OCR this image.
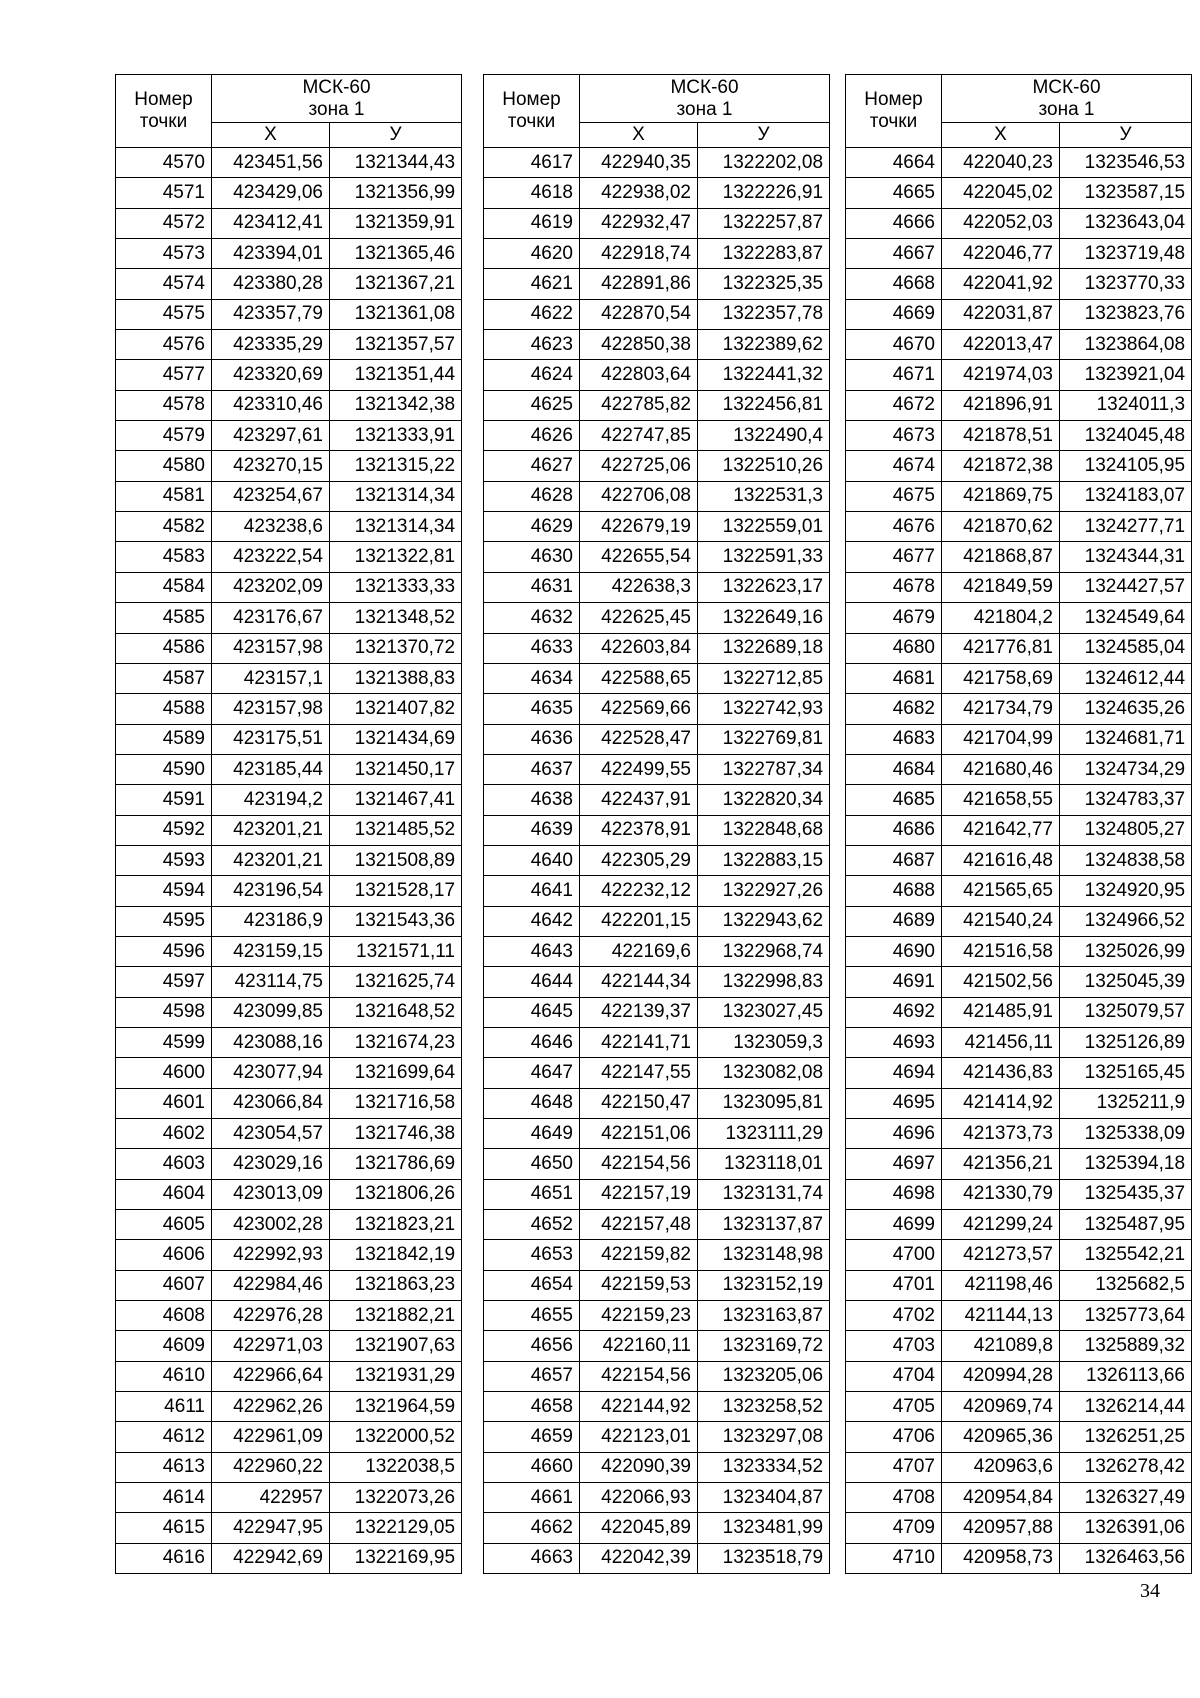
Номер
точки	МСК-60
зона 1	
	Х	У
4570	423451,56	1321344,43
4571	423429,06	1321356,99
4572	423412,41	1321359,91
4573	423394,01	1321365,46
4574	423380,28	1321367,21
4575	423357,79	1321361,08
4576	423335,29	1321357,57
4577	423320,69	1321351,44
4578	423310,46	1321342,38
4579	423297,61	1321333,91
4580	423270,15	1321315,22
4581	423254,67	1321314,34
4582	423238,6	1321314,34
4583	423222,54	1321322,81
4584	423202,09	1321333,33
4585	423176,67	1321348,52
4586	423157,98	1321370,72
4587	423157,1	1321388,83
4588	423157,98	1321407,82
4589	423175,51	1321434,69
4590	423185,44	1321450,17
4591	423194,2	1321467,41
4592	423201,21	1321485,52
4593	423201,21	1321508,89
4594	423196,54	1321528,17
4595	423186,9	1321543,36
4596	423159,15	1321571,11
4597	423114,75	1321625,74
4598	423099,85	1321648,52
4599	423088,16	1321674,23
4600	423077,94	1321699,64
4601	423066,84	1321716,58
4602	423054,57	1321746,38
4603	423029,16	1321786,69
4604	423013,09	1321806,26
4605	423002,28	1321823,21
4606	422992,93	1321842,19
4607	422984,46	1321863,23
4608	422976,28	1321882,21
4609	422971,03	1321907,63
4610	422966,64	1321931,29
4611	422962,26	1321964,59
4612	422961,09	1322000,52
4613	422960,22	1322038,5
4614	422957	1322073,26
4615	422947,95	1322129,05
4616	422942,69	1322169,95
Номер
точки	МСК-60
зона 1	
	Х	У
4617	422940,35	1322202,08
4618	422938,02	1322226,91
4619	422932,47	1322257,87
4620	422918,74	1322283,87
4621	422891,86	1322325,35
4622	422870,54	1322357,78
4623	422850,38	1322389,62
4624	422803,64	1322441,32
4625	422785,82	1322456,81
4626	422747,85	1322490,4
4627	422725,06	1322510,26
4628	422706,08	1322531,3
4629	422679,19	1322559,01
4630	422655,54	1322591,33
4631	422638,3	1322623,17
4632	422625,45	1322649,16
4633	422603,84	1322689,18
4634	422588,65	1322712,85
4635	422569,66	1322742,93
4636	422528,47	1322769,81
4637	422499,55	1322787,34
4638	422437,91	1322820,34
4639	422378,91	1322848,68
4640	422305,29	1322883,15
4641	422232,12	1322927,26
4642	422201,15	1322943,62
4643	422169,6	1322968,74
4644	422144,34	1322998,83
4645	422139,37	1323027,45
4646	422141,71	1323059,3
4647	422147,55	1323082,08
4648	422150,47	1323095,81
4649	422151,06	1323111,29
4650	422154,56	1323118,01
4651	422157,19	1323131,74
4652	422157,48	1323137,87
4653	422159,82	1323148,98
4654	422159,53	1323152,19
4655	422159,23	1323163,87
4656	422160,11	1323169,72
4657	422154,56	1323205,06
4658	422144,92	1323258,52
4659	422123,01	1323297,08
4660	422090,39	1323334,52
4661	422066,93	1323404,87
4662	422045,89	1323481,99
4663	422042,39	1323518,79
Номер
точки	МСК-60
зона 1	
	Х	У
4664	422040,23	1323546,53
4665	422045,02	1323587,15
4666	422052,03	1323643,04
4667	422046,77	1323719,48
4668	422041,92	1323770,33
4669	422031,87	1323823,76
4670	422013,47	1323864,08
4671	421974,03	1323921,04
4672	421896,91	1324011,3
4673	421878,51	1324045,48
4674	421872,38	1324105,95
4675	421869,75	1324183,07
4676	421870,62	1324277,71
4677	421868,87	1324344,31
4678	421849,59	1324427,57
4679	421804,2	1324549,64
4680	421776,81	1324585,04
4681	421758,69	1324612,44
4682	421734,79	1324635,26
4683	421704,99	1324681,71
4684	421680,46	1324734,29
4685	421658,55	1324783,37
4686	421642,77	1324805,27
4687	421616,48	1324838,58
4688	421565,65	1324920,95
4689	421540,24	1324966,52
4690	421516,58	1325026,99
4691	421502,56	1325045,39
4692	421485,91	1325079,57
4693	421456,11	1325126,89
4694	421436,83	1325165,45
4695	421414,92	1325211,9
4696	421373,73	1325338,09
4697	421356,21	1325394,18
4698	421330,79	1325435,37
4699	421299,24	1325487,95
4700	421273,57	1325542,21
4701	421198,46	1325682,5
4702	421144,13	1325773,64
4703	421089,8	1325889,32
4704	420994,28	1326113,66
4705	420969,74	1326214,44
4706	420965,36	1326251,25
4707	420963,6	1326278,42
4708	420954,84	1326327,49
4709	420957,88	1326391,06
4710	420958,73	1326463,56
34
